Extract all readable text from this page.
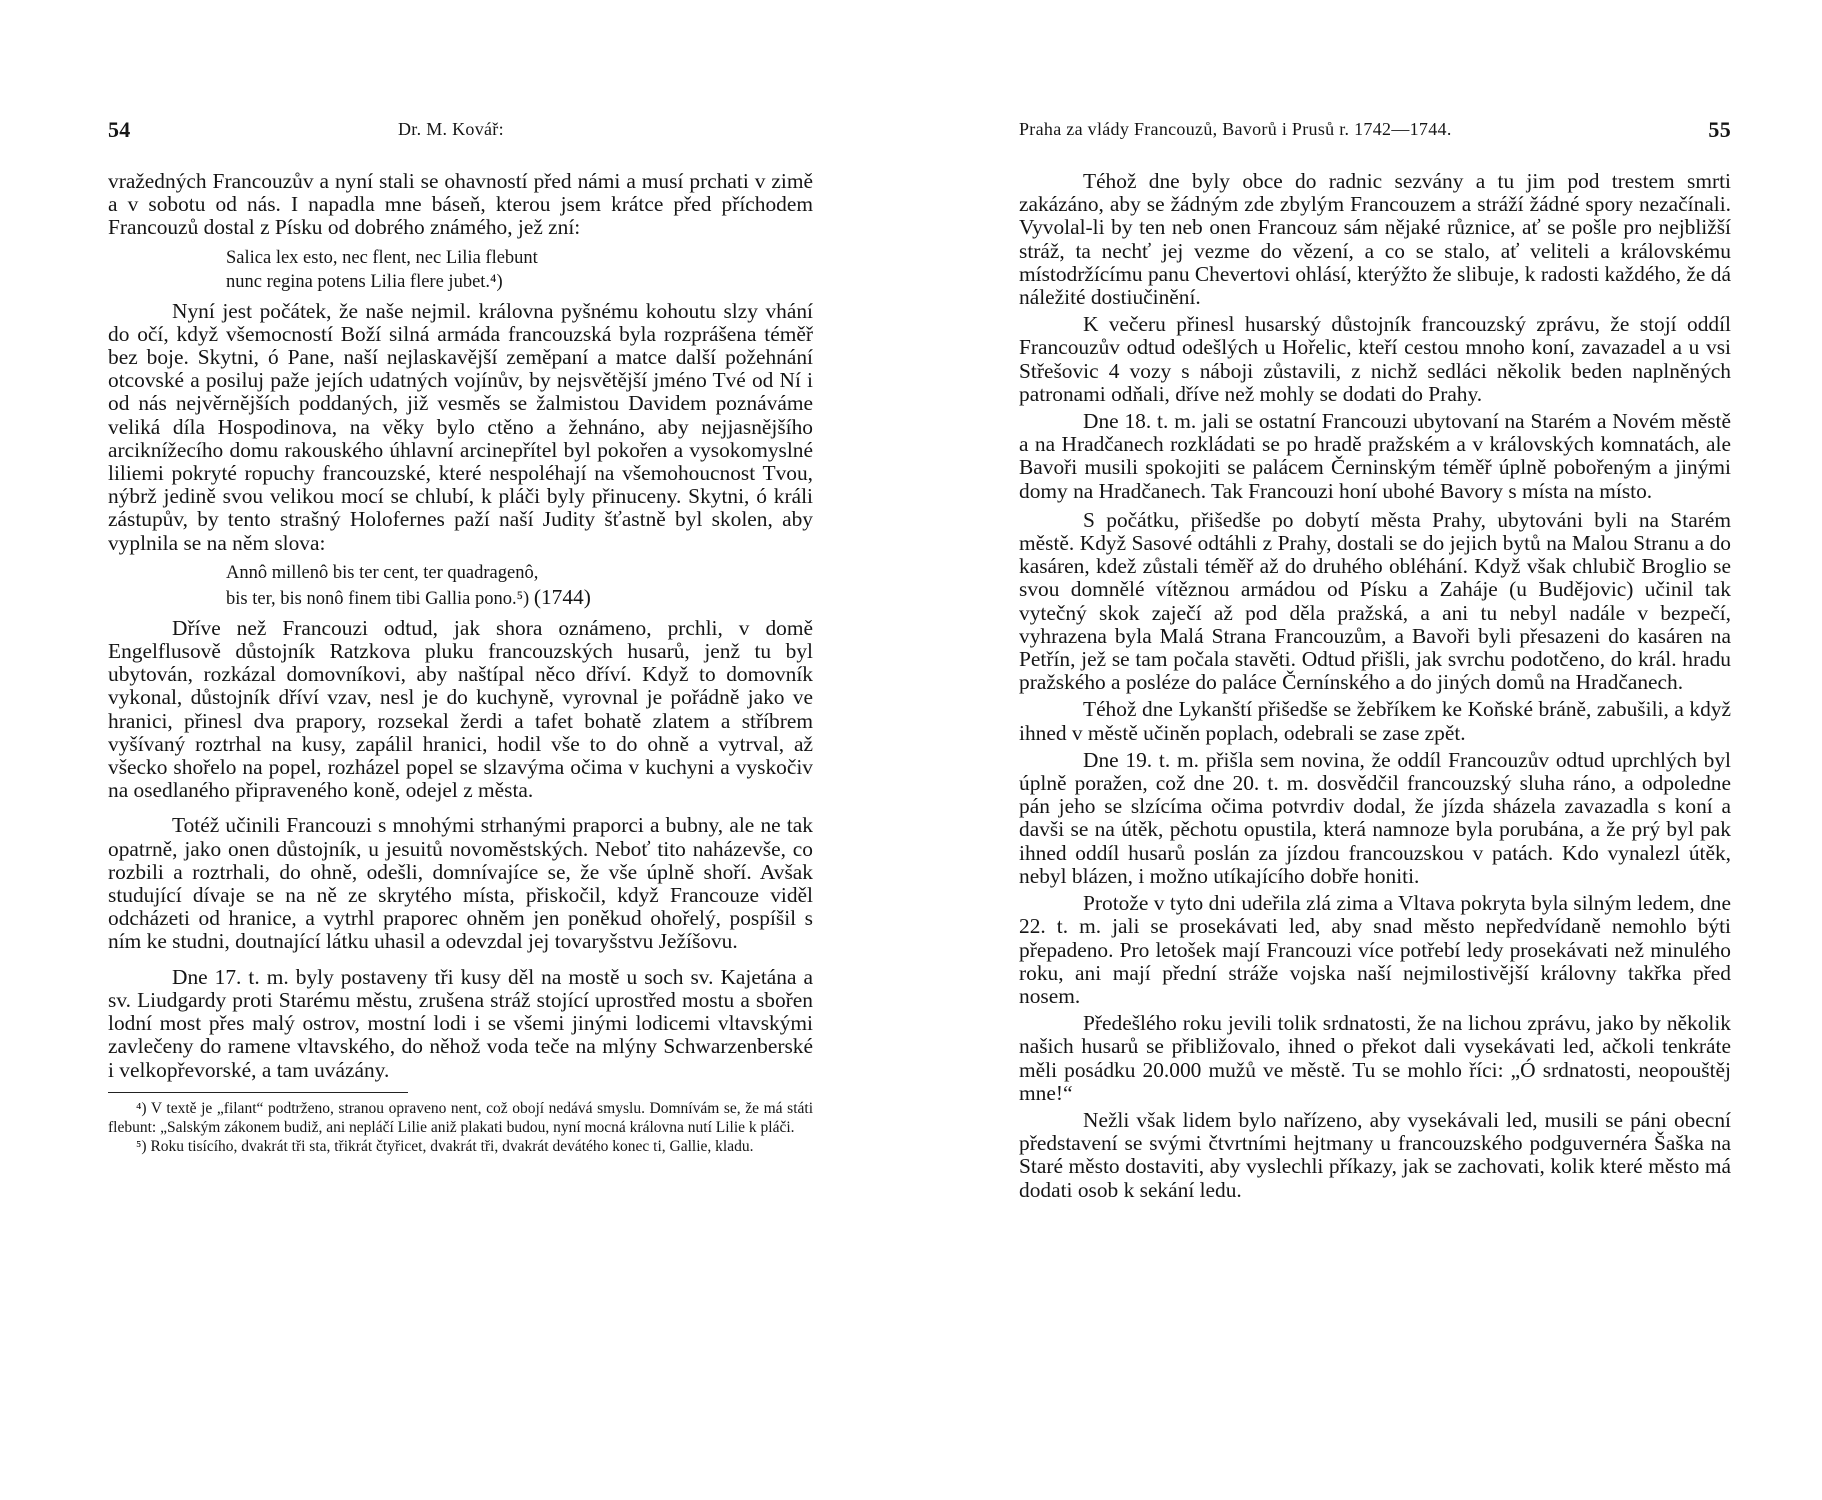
54	Dr. M. Kovář:

vražedných Francouzův a nyní stali se ohavností před námi a musí prchati v zimě a v sobotu od nás. I napadla mne báseň, kterou jsem krátce před příchodem Francouzů dostal z Písku od dobrého známého, jež zní:

Salica lex esto, nec flent, nec Lilia flebunt
nunc regina potens Lilia flere jubet.⁴)

Nyní jest počátek, že naše nejmil. královna pyšnému kohoutu slzy vhání do očí, když všemocností Boží silná armáda francouzská byla rozprášena téměř bez boje. Skytni, ó Pane, naší nejlaskavější zeměpaní a matce další požehnání otcovské a posiluj paže jejích udatných vojínův, by nejsvětější jméno Tvé od Ní i od nás nejvěrnějších poddaných, již vesměs se žalmistou Davidem poznáváme veliká díla Hospodinova, na věky bylo ctěno a žehnáno, aby nejjasnějšího arciknížecího domu rakouského úhlavní arcinepřítel byl pokořen a vysokomyslné liliemi pokryté ropuchy francouzské, které nespoléhají na všemohoucnost Tvou, nýbrž jedině svou velikou mocí se chlubí, k pláči byly přinuceny. Skytni, ó králi zástupův, by tento strašný Holofernes paží naší Judity šťastně byl skolen, aby vyplnila se na něm slova:

Annô millenô bis ter cent, ter quadragenô,
bis ter, bis nonô finem tibi Gallia pono.⁵) (1744)

Dříve než Francouzi odtud, jak shora oznámeno, prchli, v domě Engelflusově důstojník Ratzkova pluku francouzských husarů, jenž tu byl ubytován, rozkázal domovníkovi, aby naštípal něco dříví. Když to domovník vykonal, důstojník dříví vzav, nesl je do kuchyně, vyrovnal je pořádně jako ve hranici, přinesl dva prapory, rozsekal žerdi a tafet bohatě zlatem a stříbrem vyšívaný roztrhal na kusy, zapálil hranici, hodil vše to do ohně a vytrval, až všecko shořelo na popel, rozházel popel se slzavýma očima v kuchyni a vyskočiv na osedlaného připraveného koně, odejel z města.

Totéž učinili Francouzi s mnohými strhanými praporci a bubny, ale ne tak opatrně, jako onen důstojník, u jesuitů novoměstských. Neboť tito naházevše, co rozbili a roztrhali, do ohně, odešli, domnívajíce se, že vše úplně shoří. Avšak studující dívaje se na ně ze skrytého místa, přiskočil, když Francouze viděl odcházeti od hranice, a vytrhl praporec ohněm jen poněkud ohořelý, pospíšil s ním ke studni, doutnající látku uhasil a odevzdal jej tovaryšstvu Ježíšovu.

Dne 17. t. m. byly postaveny tři kusy děl na mostě u soch sv. Kajetána a sv. Liudgardy proti Starému městu, zrušena stráž stojící uprostřed mostu a sbořen lodní most přes malý ostrov, mostní lodi i se všemi jinými lodicemi vltavskými zavlečeny do ramene vltavského, do něhož voda teče na mlýny Schwarzenberské i velkopřevorské, a tam uvázány.

⁴) V textě je „filant“ podtrženo, stranou opraveno nent, což obojí nedává smyslu. Domnívám se, že má státi flebunt: „Salským zákonem budiž, ani nepláčí Lilie aniž plakati budou, nyní mocná královna nutí Lilie k pláči.

⁵) Roku tisícího, dvakrát tři sta, třikrát čtyřicet, dvakrát tři, dvakrát devátého konec ti, Gallie, kladu.

Praha za vlády Francouzů, Bavorů i Prusů r. 1742—1744.	55

Téhož dne byly obce do radnic sezvány a tu jim pod trestem smrti zakázáno, aby se žádným zde zbylým Francouzem a stráží žádné spory nezačínali. Vyvolal-li by ten neb onen Francouz sám nějaké různice, ať se pošle pro nejbližší stráž, ta nechť jej vezme do vězení, a co se stalo, ať veliteli a královskému místodržícímu panu Chevertovi ohlásí, kterýžto že slibuje, k radosti každého, že dá náležité dostiučinění.

K večeru přinesl husarský důstojník francouzský zprávu, že stojí oddíl Francouzův odtud odešlých u Hořelic, kteří cestou mnoho koní, zavazadel a u vsi Střešovic 4 vozy s náboji zůstavili, z nichž sedláci několik beden naplněných patronami odňali, dříve než mohly se dodati do Prahy.

Dne 18. t. m. jali se ostatní Francouzi ubytovaní na Starém a Novém městě a na Hradčanech rozkládati se po hradě pražském a v královských komnatách, ale Bavoři musili spokojiti se palácem Černinským téměř úplně pobořeným a jinými domy na Hradčanech. Tak Francouzi honí ubohé Bavory s místa na místo.

S počátku, přišedše po dobytí města Prahy, ubytováni byli na Starém městě. Když Sasové odtáhli z Prahy, dostali se do jejich bytů na Malou Stranu a do kasáren, kdež zůstali téměř až do druhého obléhání. Když však chlubič Broglio se svou domnělé vítěznou armádou od Písku a Zaháje (u Budějovic) učinil tak vytečný skok zaječí až pod děla pražská, a ani tu nebyl nadále v bezpečí, vyhrazena byla Malá Strana Francouzům, a Bavoři byli přesazeni do kasáren na Petřín, jež se tam počala stavěti. Odtud přišli, jak svrchu podotčeno, do král. hradu pražského a posléze do paláce Černínského a do jiných domů na Hradčanech.

Téhož dne Lykanští přišedše se žebříkem ke Koňské bráně, zabušili, a když ihned v městě učiněn poplach, odebrali se zase zpět.

Dne 19. t. m. přišla sem novina, že oddíl Francouzův odtud uprchlých byl úplně poražen, což dne 20. t. m. dosvědčil francouzský sluha ráno, a odpoledne pán jeho se slzícíma očima potvrdiv dodal, že jízda sházela zavazadla s koní a davši se na útěk, pěchotu opustila, která namnoze byla porubána, a že prý byl pak ihned oddíl husarů poslán za jízdou francouzskou v patách. Kdo vynalezl útěk, nebyl blázen, i možno utíkajícího dobře honiti.

Protože v tyto dni udeřila zlá zima a Vltava pokryta byla silným ledem, dne 22. t. m. jali se prosekávati led, aby snad město nepředvídaně nemohlo býti přepadeno. Pro letošek mají Francouzi více potřebí ledy prosekávati než minulého roku, ani mají přední stráže vojska naší nejmilostivější královny takřka před nosem.

Předešlého roku jevili tolik srdnatosti, že na lichou zprávu, jako by několik našich husarů se přibližovalo, ihned o překot dali vysekávati led, ačkoli tenkráte měli posádku 20.000 mužů ve městě. Tu se mohlo říci: „Ó srdnatosti, neopouštěj mne!“

Nežli však lidem bylo nařízeno, aby vysekávali led, musili se páni obecní představení se svými čtvrtními hejtmany u francouzského podguvernéra Šaška na Staré město dostaviti, aby vyslechli příkazy, jak se zachovati, kolik které město má dodati osob k sekání ledu.
